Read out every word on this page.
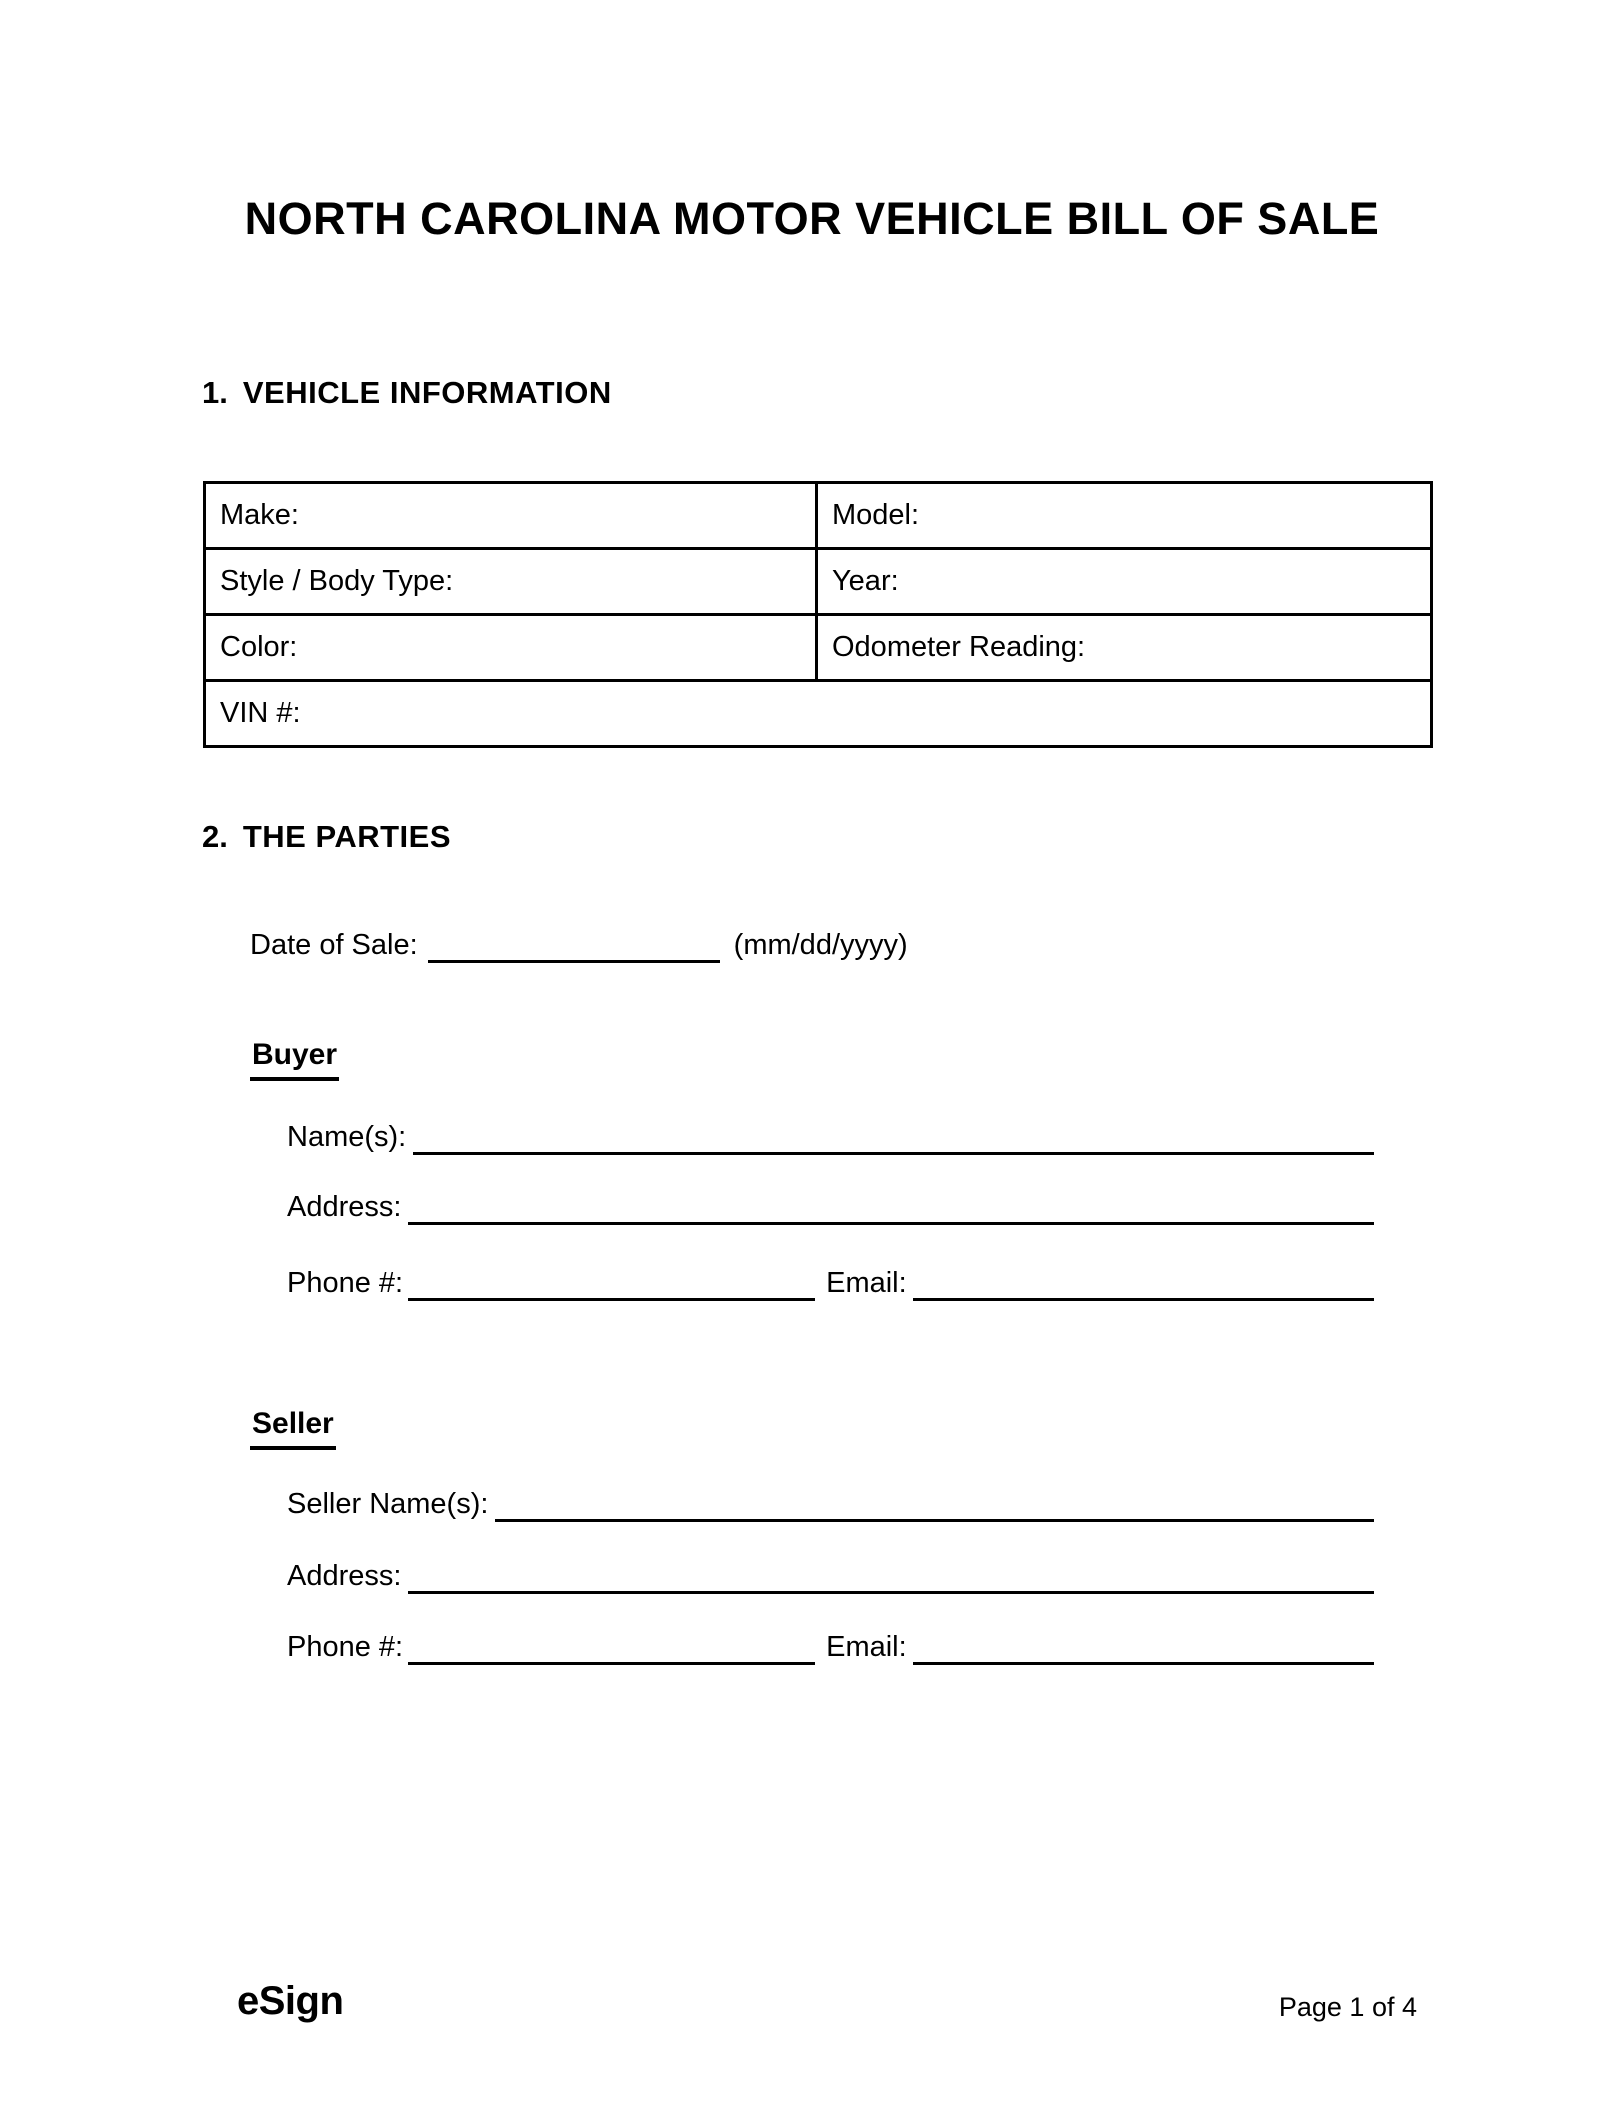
NORTH CAROLINA MOTOR VEHICLE BILL OF SALE
1. VEHICLE INFORMATION
Make:	Model:
Style / Body Type:	Year:
Color:	Odometer Reading:
VIN #:	
2. THE PARTIES
Date of Sale:	(mm/dd/yyyy)
Buyer
Name(s):
Address:
Phone #:	Email:
Seller
Seller Name(s):
Address:
Phone #:	Email:
eSign	Page 1 of 4
